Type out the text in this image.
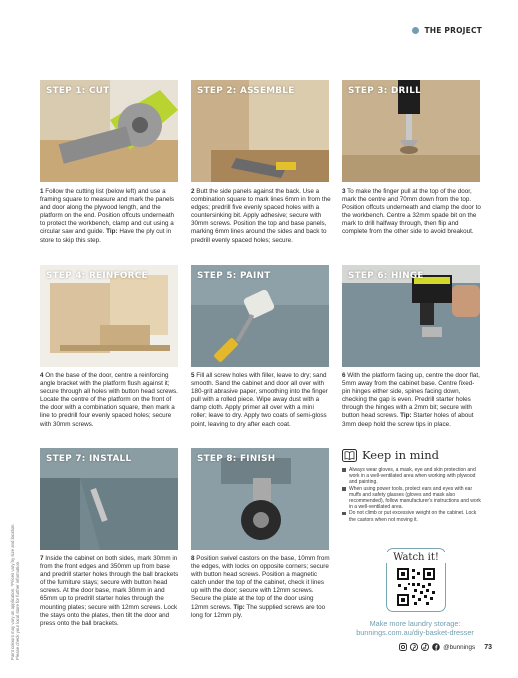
THE PROJECT
STEP 1: CUT	STEP 2: ASSEMBLE	STEP 3: DRILL
1 Follow the cutting list (below left) and use a framing square to measure and mark the panels and door along the plywood length, and the platform on the end. Position offcuts underneath to protect the workbench, clamp and cut using a circular saw and guide. Tip: Have the ply cut in store to skip this step.
2 Butt the side panels against the back. Use a combination square to mark lines 6mm in from the edges; predrill five evenly spaced holes with a countersinking bit. Apply adhesive; secure with 30mm screws. Position the top and base panels, marking 6mm lines around the sides and back to predrill evenly spaced holes; secure.
3 To make the finger pull at the top of the door, mark the centre and 70mm down from the top. Position offcuts underneath and clamp the door to the workbench. Centre a 32mm spade bit on the mark to drill halfway through, then flip and complete from the other side to avoid breakout.
STEP 4: REINFORCE	STEP 5: PAINT	STEP 6: HINGE
4 On the base of the door, centre a reinforcing angle bracket with the platform flush against it; secure through all holes with button head screws. Locate the centre of the platform on the front of the door with a combination square, then mark a line to predrill four evenly spaced holes; secure with 30mm screws.
5 Fill all screw holes with filler, leave to dry; sand smooth. Sand the cabinet and door all over with 180-grit abrasive paper, smoothing into the finger pull with a rolled piece. Wipe away dust with a damp cloth. Apply primer all over with a mini roller; leave to dry. Apply two coats of semi-gloss point, leaving to dry after each coat.
6 With the platform facing up, centre the door flat, 5mm away from the cabinet base. Centre fixed-pin hinges either side, spines facing down, checking the gap is even. Predrill starter holes through the hinges with a 2mm bit; secure with button head screws. Tip: Starter holes of about 3mm deep hold the screw tips in place.
STEP 7: INSTALL	STEP 8: FINISH
7 Inside the cabinet on both sides, mark 30mm in from the front edges and 350mm up from base and predrill starter holes through the ball brackets of the furniture stays; secure with button head screws. At the door base, mark 30mm in and 65mm up to predrill starter holes through the mounting plates; secure with 12mm screws. Lock the stays onto the plates, then tilt the door and press onto the ball brackets.
8 Position swivel castors on the base, 10mm from the edges, with locks on opposite corners; secure with button head screws. Position a magnetic catch under the top of the cabinet, check it lines up with the door; secure with 12mm screws. Secure the plate at the top of the door using 12mm screws. Tip: The supplied screws are too long for 12mm ply.
Paint colours may vary on application. *Prices vary by size and location. Please check your local store for further information.
Keep in mind
Always wear gloves, a mask, eye and skin protection and work in a well-ventilated area when working with plywood and painting.
When using power tools, protect ears and eyes with ear muffs and safety glasses (gloves and mask also recommended), follow manufacturer's instructions and work in a well-ventilated area.
Do not climb or put excessive weight on the cabinet. Lock the castors when not moving it.
Watch it!
Make more laundry storage:
bunnings.com.au/diy-basket-dresser
@bunnings 73
